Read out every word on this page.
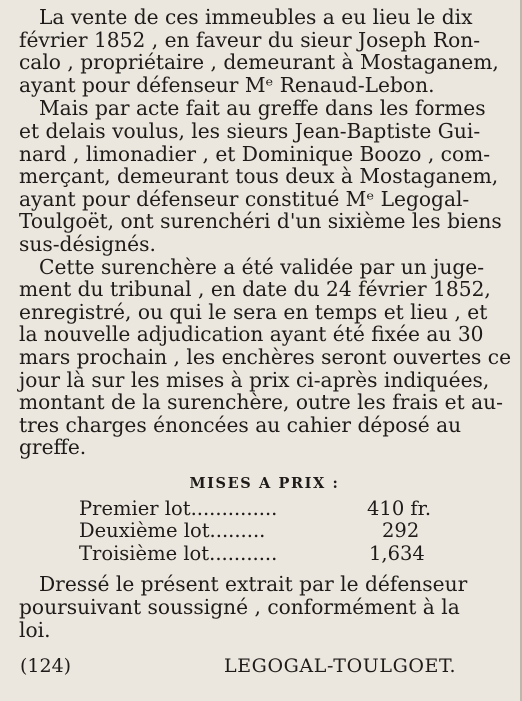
La vente de ces immeubles a eu lieu le dix
février 1852 , en faveur du sieur Joseph Ron-
calo , propriétaire , demeurant à Mostaganem,
ayant pour défenseur Mᵉ Renaud-Lebon.
Mais par acte fait au greffe dans les formes
et delais voulus, les sieurs Jean-Baptiste Gui-
nard , limonadier , et Dominique Boozo , com-
merçant, demeurant tous deux à Mostaganem,
ayant pour défenseur constitué Mᵉ Legogal-
Toulgoët, ont surenchéri d'un sixième les biens
sus-désignés.
Cette surenchère a été validée par un juge-
ment du tribunal , en date du 24 février 1852,
enregistré, ou qui le sera en temps et lieu , et
la nouvelle adjudication ayant été fixée au 30
mars prochain , les enchères seront ouvertes ce
jour là sur les mises à prix ci-après indiquées,
montant de la surenchère, outre les frais et au-
tres charges énoncées au cahier déposé au
greffe.
MISES A PRIX :
Premier lot..............	410 fr.
Deuxième lot.........	292
Troisième lot...........	1,634
Dressé le présent extrait par le défenseur
poursuivant soussigné , conformément à la
loi.
(124)	LEGOGAL-TOULGOET.
